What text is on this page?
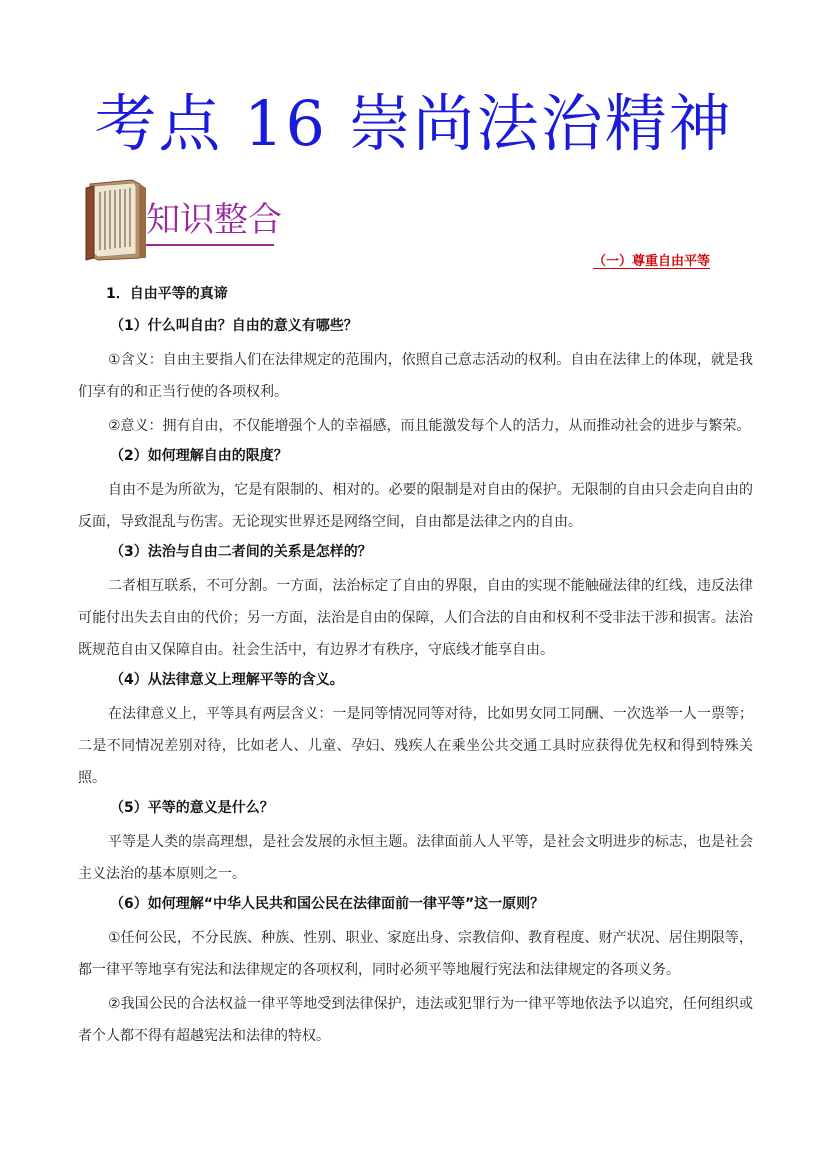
考点 16 崇尚法治精神
知识整合
（一）尊重自由平等
1．自由平等的真谛
（1）什么叫自由？自由的意义有哪些？
①含义：自由主要指人们在法律规定的范围内，依照自己意志活动的权利。自由在法律上的体现，就是我们享有的和正当行使的各项权利。
②意义：拥有自由，不仅能增强个人的幸福感，而且能激发每个人的活力，从而推动社会的进步与繁荣。
（2）如何理解自由的限度？
自由不是为所欲为，它是有限制的、相对的。必要的限制是对自由的保护。无限制的自由只会走向自由的反面，导致混乱与伤害。无论现实世界还是网络空间，自由都是法律之内的自由。
（3）法治与自由二者间的关系是怎样的？
二者相互联系，不可分割。一方面，法治标定了自由的界限，自由的实现不能触碰法律的红线，违反法律可能付出失去自由的代价；另一方面，法治是自由的保障，人们合法的自由和权利不受非法干涉和损害。法治既规范自由又保障自由。社会生活中，有边界才有秩序，守底线才能享自由。
（4）从法律意义上理解平等的含义。
在法律意义上，平等具有两层含义：一是同等情况同等对待，比如男女同工同酬、一次选举一人一票等；二是不同情况差别对待，比如老人、儿童、孕妇、残疾人在乘坐公共交通工具时应获得优先权和得到特殊关照。
（5）平等的意义是什么？
平等是人类的崇高理想，是社会发展的永恒主题。法律面前人人平等，是社会文明进步的标志，也是社会主义法治的基本原则之一。
（6）如何理解“中华人民共和国公民在法律面前一律平等”这一原则？
①任何公民，不分民族、种族、性别、职业、家庭出身、宗教信仰、教育程度、财产状况、居住期限等，都一律平等地享有宪法和法律规定的各项权利，同时必须平等地履行宪法和法律规定的各项义务。
②我国公民的合法权益一律平等地受到法律保护，违法或犯罪行为一律平等地依法予以追究，任何组织或者个人都不得有超越宪法和法律的特权。
